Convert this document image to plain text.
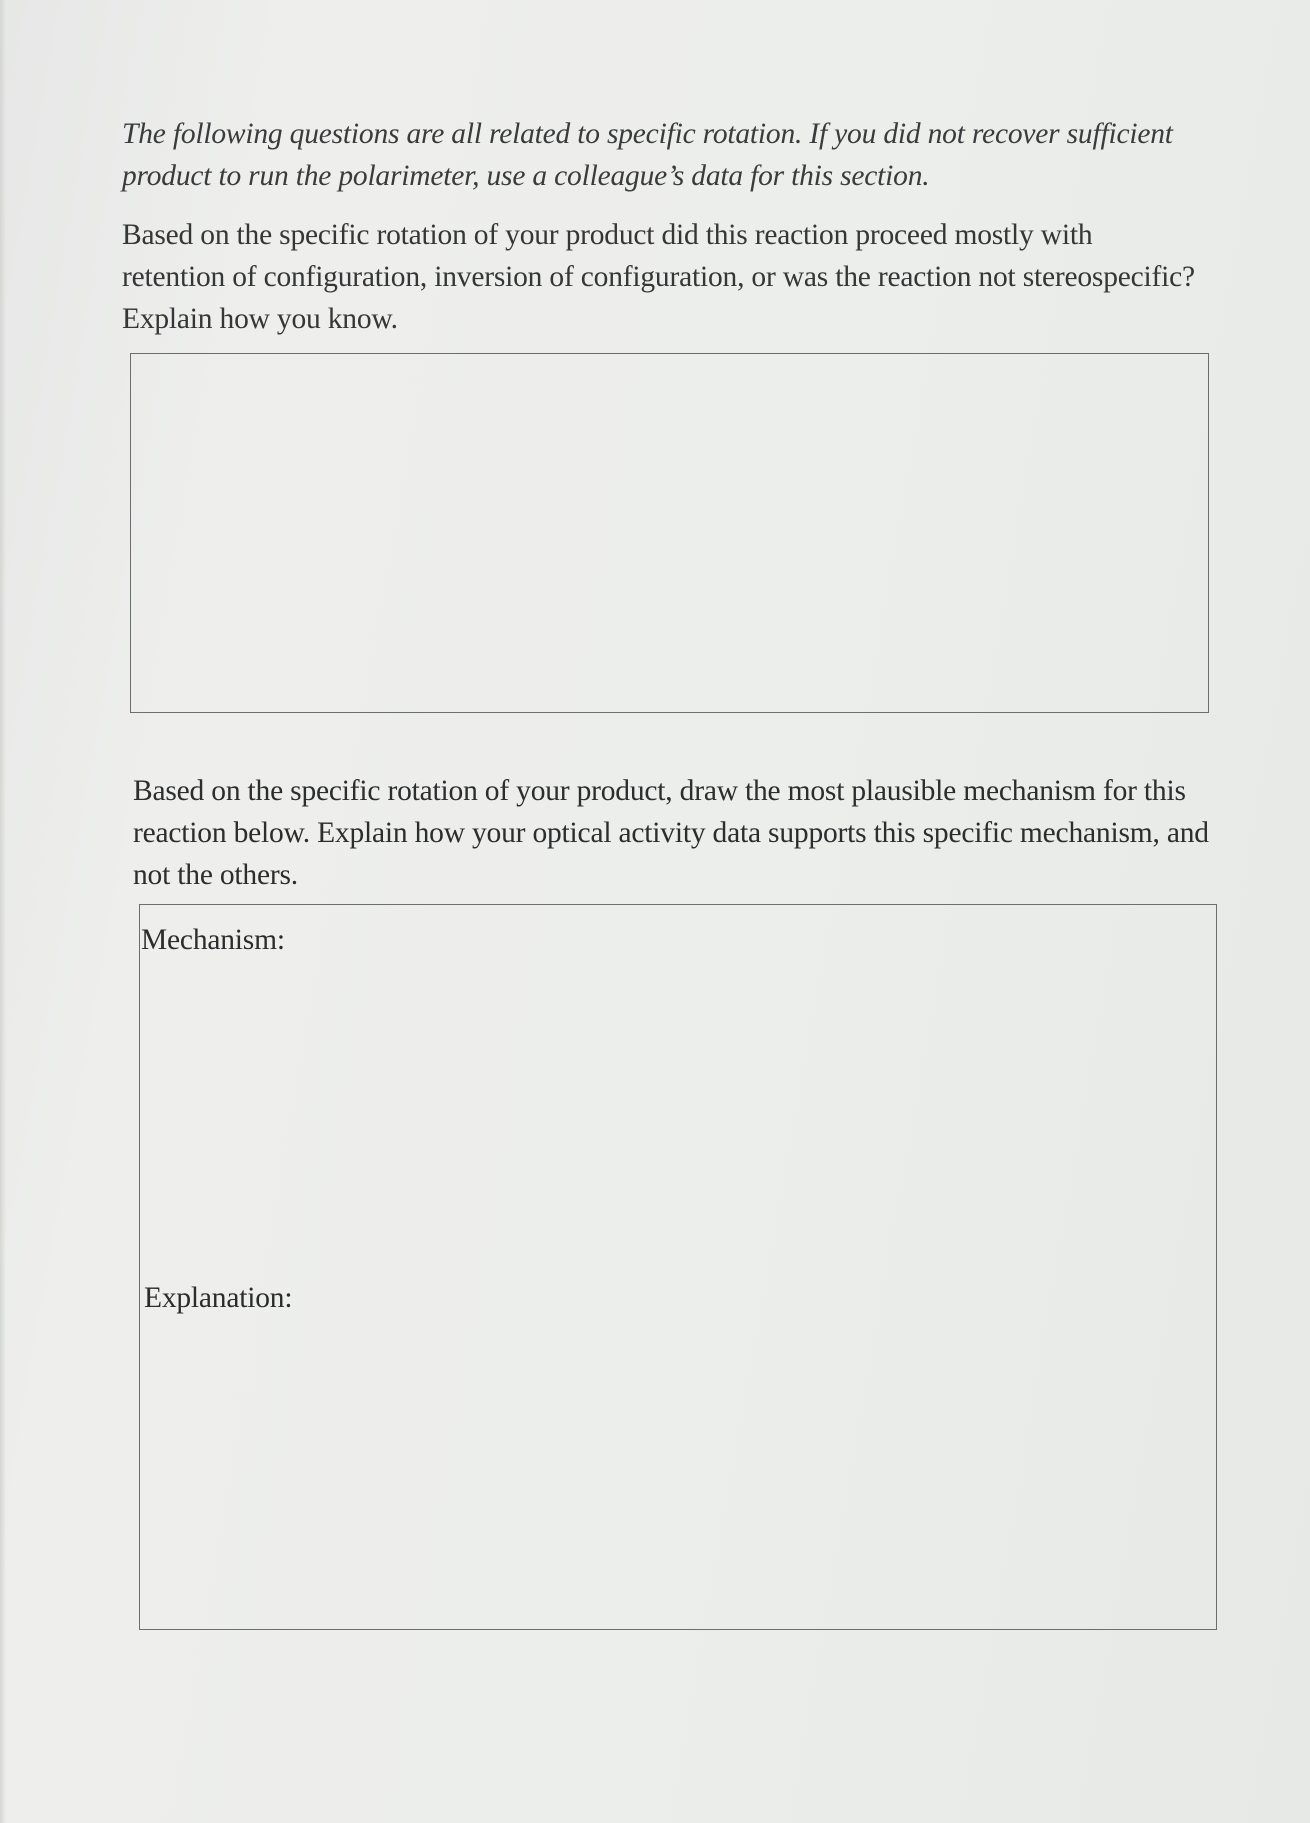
The following questions are all related to specific rotation. If you did not recover sufficient product to run the polarimeter, use a colleague’s data for this section.

Based on the specific rotation of your product did this reaction proceed mostly with retention of configuration, inversion of configuration, or was the reaction not stereospecific? Explain how you know.

Based on the specific rotation of your product, draw the most plausible mechanism for this reaction below. Explain how your optical activity data supports this specific mechanism, and not the others.

Mechanism:
Explanation:
